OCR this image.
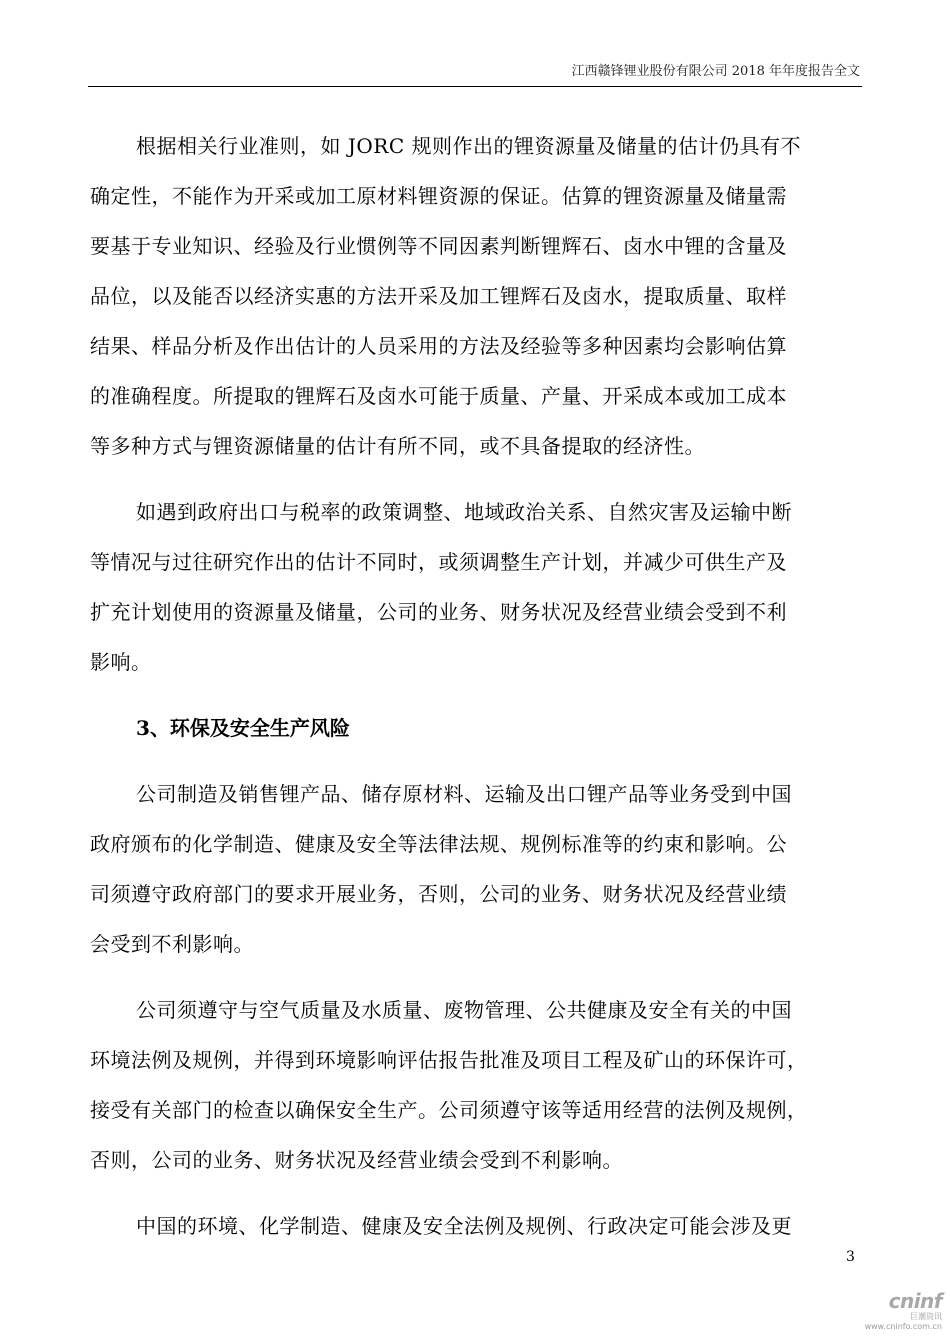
江西赣锋锂业股份有限公司 2018 年年度报告全文

根据相关行业准则，如 JORC 规则作出的锂资源量及储量的估计仍具有不
确定性，不能作为开采或加工原材料锂资源的保证。估算的锂资源量及储量需
要基于专业知识、经验及行业惯例等不同因素判断锂辉石、卤水中锂的含量及
品位，以及能否以经济实惠的方法开采及加工锂辉石及卤水，提取质量、取样
结果、样品分析及作出估计的人员采用的方法及经验等多种因素均会影响估算
的准确程度。所提取的锂辉石及卤水可能于质量、产量、开采成本或加工成本
等多种方式与锂资源储量的估计有所不同，或不具备提取的经济性。

如遇到政府出口与税率的政策调整、地域政治关系、自然灾害及运输中断
等情况与过往研究作出的估计不同时，或须调整生产计划，并减少可供生产及
扩充计划使用的资源量及储量，公司的业务、财务状况及经营业绩会受到不利
影响。

3、环保及安全生产风险

公司制造及销售锂产品、储存原材料、运输及出口锂产品等业务受到中国
政府颁布的化学制造、健康及安全等法律法规、规例标准等的约束和影响。公
司须遵守政府部门的要求开展业务，否则，公司的业务、财务状况及经营业绩
会受到不利影响。

公司须遵守与空气质量及水质量、废物管理、公共健康及安全有关的中国
环境法例及规例，并得到环境影响评估报告批准及项目工程及矿山的环保许可，
接受有关部门的检查以确保安全生产。公司须遵守该等适用经营的法例及规例，
否则，公司的业务、财务状况及经营业绩会受到不利影响。

中国的环境、化学制造、健康及安全法例及规例、行政决定可能会涉及更

3
cninf
巨潮资讯
www.cninfo.com.cn
